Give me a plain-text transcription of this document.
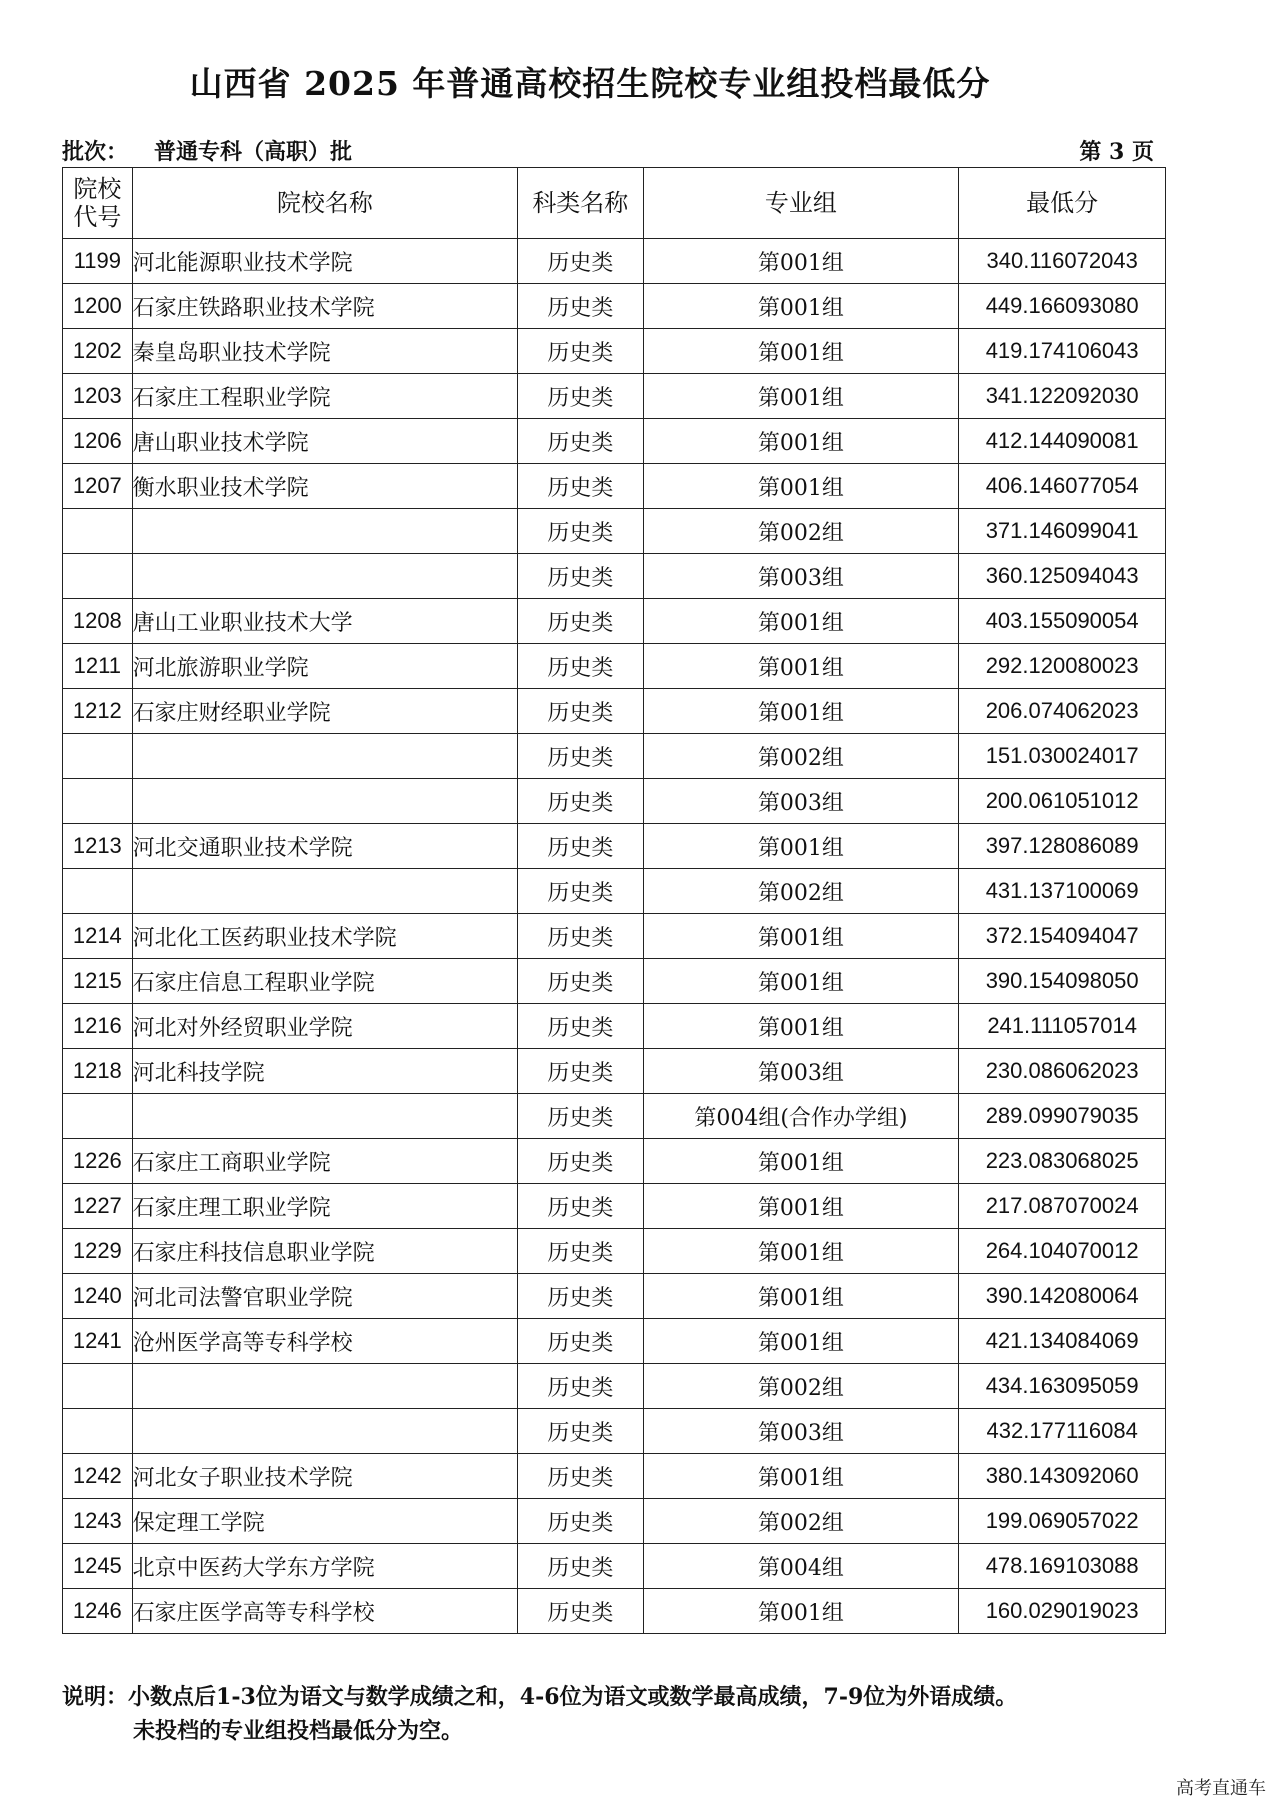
山西省 2025 年普通高校招生院校专业组投档最低分
批次： 普通专科（高职）批	第 3 页
院校
代号	院校名称	科类名称	专业组	最低分
1199	河北能源职业技术学院	历史类	第001组	340.116072043
1200	石家庄铁路职业技术学院	历史类	第001组	449.166093080
1202	秦皇岛职业技术学院	历史类	第001组	419.174106043
1203	石家庄工程职业学院	历史类	第001组	341.122092030
1206	唐山职业技术学院	历史类	第001组	412.144090081
1207	衡水职业技术学院	历史类	第001组	406.146077054
		历史类	第002组	371.146099041
		历史类	第003组	360.125094043
1208	唐山工业职业技术大学	历史类	第001组	403.155090054
1211	河北旅游职业学院	历史类	第001组	292.120080023
1212	石家庄财经职业学院	历史类	第001组	206.074062023
		历史类	第002组	151.030024017
		历史类	第003组	200.061051012
1213	河北交通职业技术学院	历史类	第001组	397.128086089
		历史类	第002组	431.137100069
1214	河北化工医药职业技术学院	历史类	第001组	372.154094047
1215	石家庄信息工程职业学院	历史类	第001组	390.154098050
1216	河北对外经贸职业学院	历史类	第001组	241.111057014
1218	河北科技学院	历史类	第003组	230.086062023
		历史类	第004组(合作办学组)	289.099079035
1226	石家庄工商职业学院	历史类	第001组	223.083068025
1227	石家庄理工职业学院	历史类	第001组	217.087070024
1229	石家庄科技信息职业学院	历史类	第001组	264.104070012
1240	河北司法警官职业学院	历史类	第001组	390.142080064
1241	沧州医学高等专科学校	历史类	第001组	421.134084069
		历史类	第002组	434.163095059
		历史类	第003组	432.177116084
1242	河北女子职业技术学院	历史类	第001组	380.143092060
1243	保定理工学院	历史类	第002组	199.069057022
1245	北京中医药大学东方学院	历史类	第004组	478.169103088
1246	石家庄医学高等专科学校	历史类	第001组	160.029019023
说明：小数点后1-3位为语文与数学成绩之和，4-6位为语文或数学最高成绩，7-9位为外语成绩。
未投档的专业组投档最低分为空。
高考直通车
